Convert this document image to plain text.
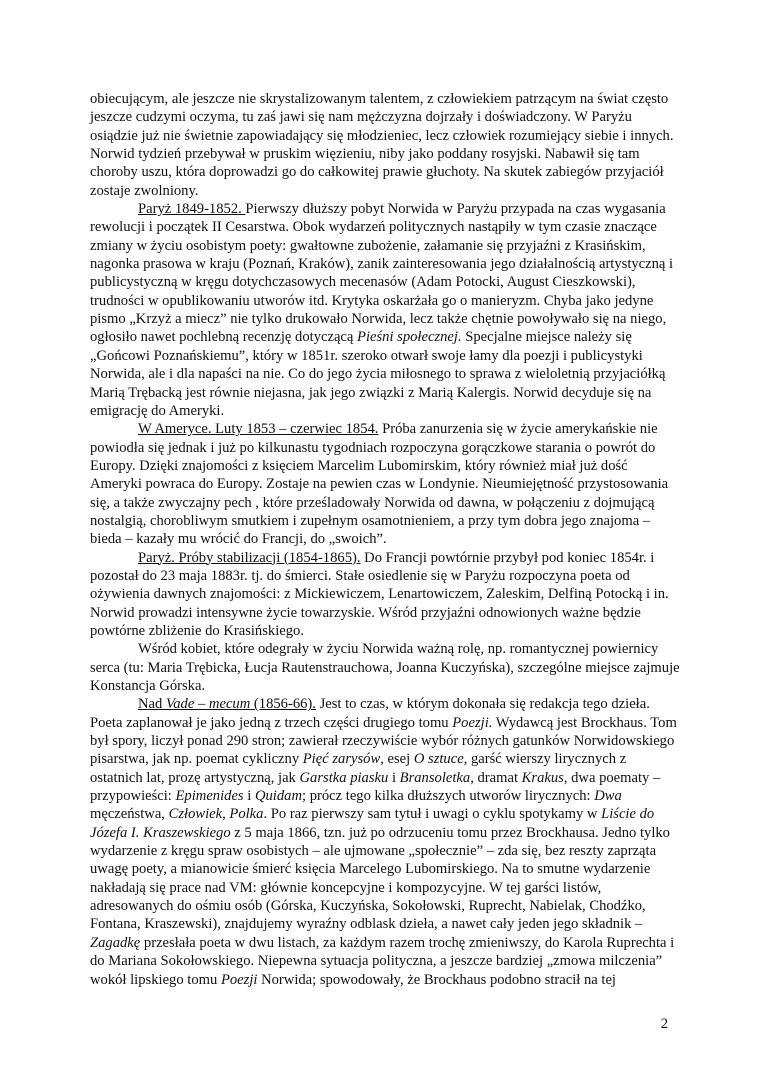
obiecującym, ale jeszcze nie skrystalizowanym talentem, z człowiekiem patrzącym na świat często jeszcze cudzymi oczyma, tu zaś jawi się nam mężczyzna dojrzały i doświadczony. W Paryżu osiądzie już nie świetnie zapowiadający się młodzieniec, lecz człowiek rozumiejący siebie i innych. Norwid tydzień przebywał w pruskim więzieniu, niby jako poddany rosyjski. Nabawił się tam choroby uszu, która doprowadzi go do całkowitej prawie głuchoty. Na skutek zabiegów przyjaciół zostaje zwolniony.

Paryż 1849-1852. Pierwszy dłuższy pobyt Norwida w Paryżu przypada na czas wygasania rewolucji i początek II Cesarstwa. Obok wydarzeń politycznych nastąpiły w tym czasie znaczące zmiany w życiu osobistym poety: gwałtowne zubożenie, załamanie się przyjaźni z Krasińskim, nagonka prasowa w kraju (Poznań, Kraków), zanik zainteresowania jego działalnością artystyczną i publicystyczną w kręgu dotychczasowych mecenasów (Adam Potocki, August Cieszkowski), trudności w opublikowaniu utworów itd. Krytyka oskarżała go o manieryzm. Chyba jako jedyne pismo „Krzyż a miecz” nie tylko drukowało Norwida, lecz także chętnie powoływało się na niego, ogłosiło nawet pochlebną recenzję dotyczącą Pieśni społecznej. Specjalne miejsce należy się „Gońcowi Poznańskiemu”, który w 1851r. szeroko otwarł swoje łamy dla poezji i publicystyki Norwida, ale i dla napaści na nie. Co do jego życia miłosnego to sprawa z wieloletnią przyjaciółką Marią Trębacką jest równie niejasna, jak jego związki z Marią Kalergis. Norwid decyduje się na emigrację do Ameryki.

W Ameryce. Luty 1853 – czerwiec 1854. Próba zanurzenia się w życie amerykańskie nie powiodła się jednak i już po kilkunastu tygodniach rozpoczyna gorączkowe starania o powrót do Europy. Dzięki znajomości z księciem Marcelim Lubomirskim, który również miał już dość Ameryki powraca do Europy. Zostaje na pewien czas w Londynie. Nieumiejętność przystosowania się, a także zwyczajny pech , które prześladowały Norwida od dawna, w połączeniu z dojmującą nostalgią, chorobliwym smutkiem i zupełnym osamotnieniem, a przy tym dobra jego znajoma – bieda – kazały mu wrócić do Francji, do „swoich”.

Paryż. Próby stabilizacji (1854-1865). Do Francji powtórnie przybył pod koniec 1854r. i pozostał do 23 maja 1883r. tj. do śmierci. Stałe osiedlenie się w Paryżu rozpoczyna poeta od ożywienia dawnych znajomości: z Mickiewiczem, Lenartowiczem, Zaleskim, Delfiną Potocką i in. Norwid prowadzi intensywne życie towarzyskie. Wśród przyjaźni odnowionych ważne będzie powtórne zbliżenie do Krasińskiego.

Wśród kobiet, które odegrały w życiu Norwida ważną rolę, np. romantycznej powiernicy serca (tu: Maria Trębicka, Łucja Rautenstrauchowa, Joanna Kuczyńska), szczególne miejsce zajmuje Konstancja Górska.

Nad Vade – mecum (1856-66). Jest to czas, w którym dokonała się redakcja tego dzieła. Poeta zaplanował je jako jedną z trzech części drugiego tomu Poezji. Wydawcą jest Brockhaus. Tom był spory, liczył ponad 290 stron; zawierał rzeczywiście wybór różnych gatunków Norwidowskiego pisarstwa, jak np. poemat cykliczny Pięć zarysów, esej O sztuce, garść wierszy lirycznych z ostatnich lat, prozę artystyczną, jak Garstka piasku i Bransoletka, dramat Krakus, dwa poematy – przypowieści: Epimenides i Quidam; prócz tego kilka dłuższych utworów lirycznych: Dwa męczeństwa, Człowiek, Polka. Po raz pierwszy sam tytuł i uwagi o cyklu spotykamy w Liście do Józefa I. Kraszewskiego z 5 maja 1866, tzn. już po odrzuceniu tomu przez Brockhausa. Jedno tylko wydarzenie z kręgu spraw osobistych – ale ujmowane „społecznie” – zda się, bez reszty zaprząta uwagę poety, a mianowicie śmierć księcia Marcelego Lubomirskiego. Na to smutne wydarzenie nakładają się prace nad VM: głównie koncepcyjne i kompozycyjne. W tej garści listów, adresowanych do ośmiu osób (Górska, Kuczyńska, Sokołowski, Ruprecht, Nabielak, Chodźko, Fontana, Kraszewski), znajdujemy wyraźny odblask dzieła, a nawet cały jeden jego składnik – Zagadkę przesłała poeta w dwu listach, za każdym razem trochę zmieniwszy, do Karola Ruprechta i do Mariana Sokołowskiego. Niepewna sytuacja polityczna, a jeszcze bardziej „zmowa milczenia” wokół lipskiego tomu Poezji Norwida; spowodowały, że Brockhaus podobno stracił na tej

2
